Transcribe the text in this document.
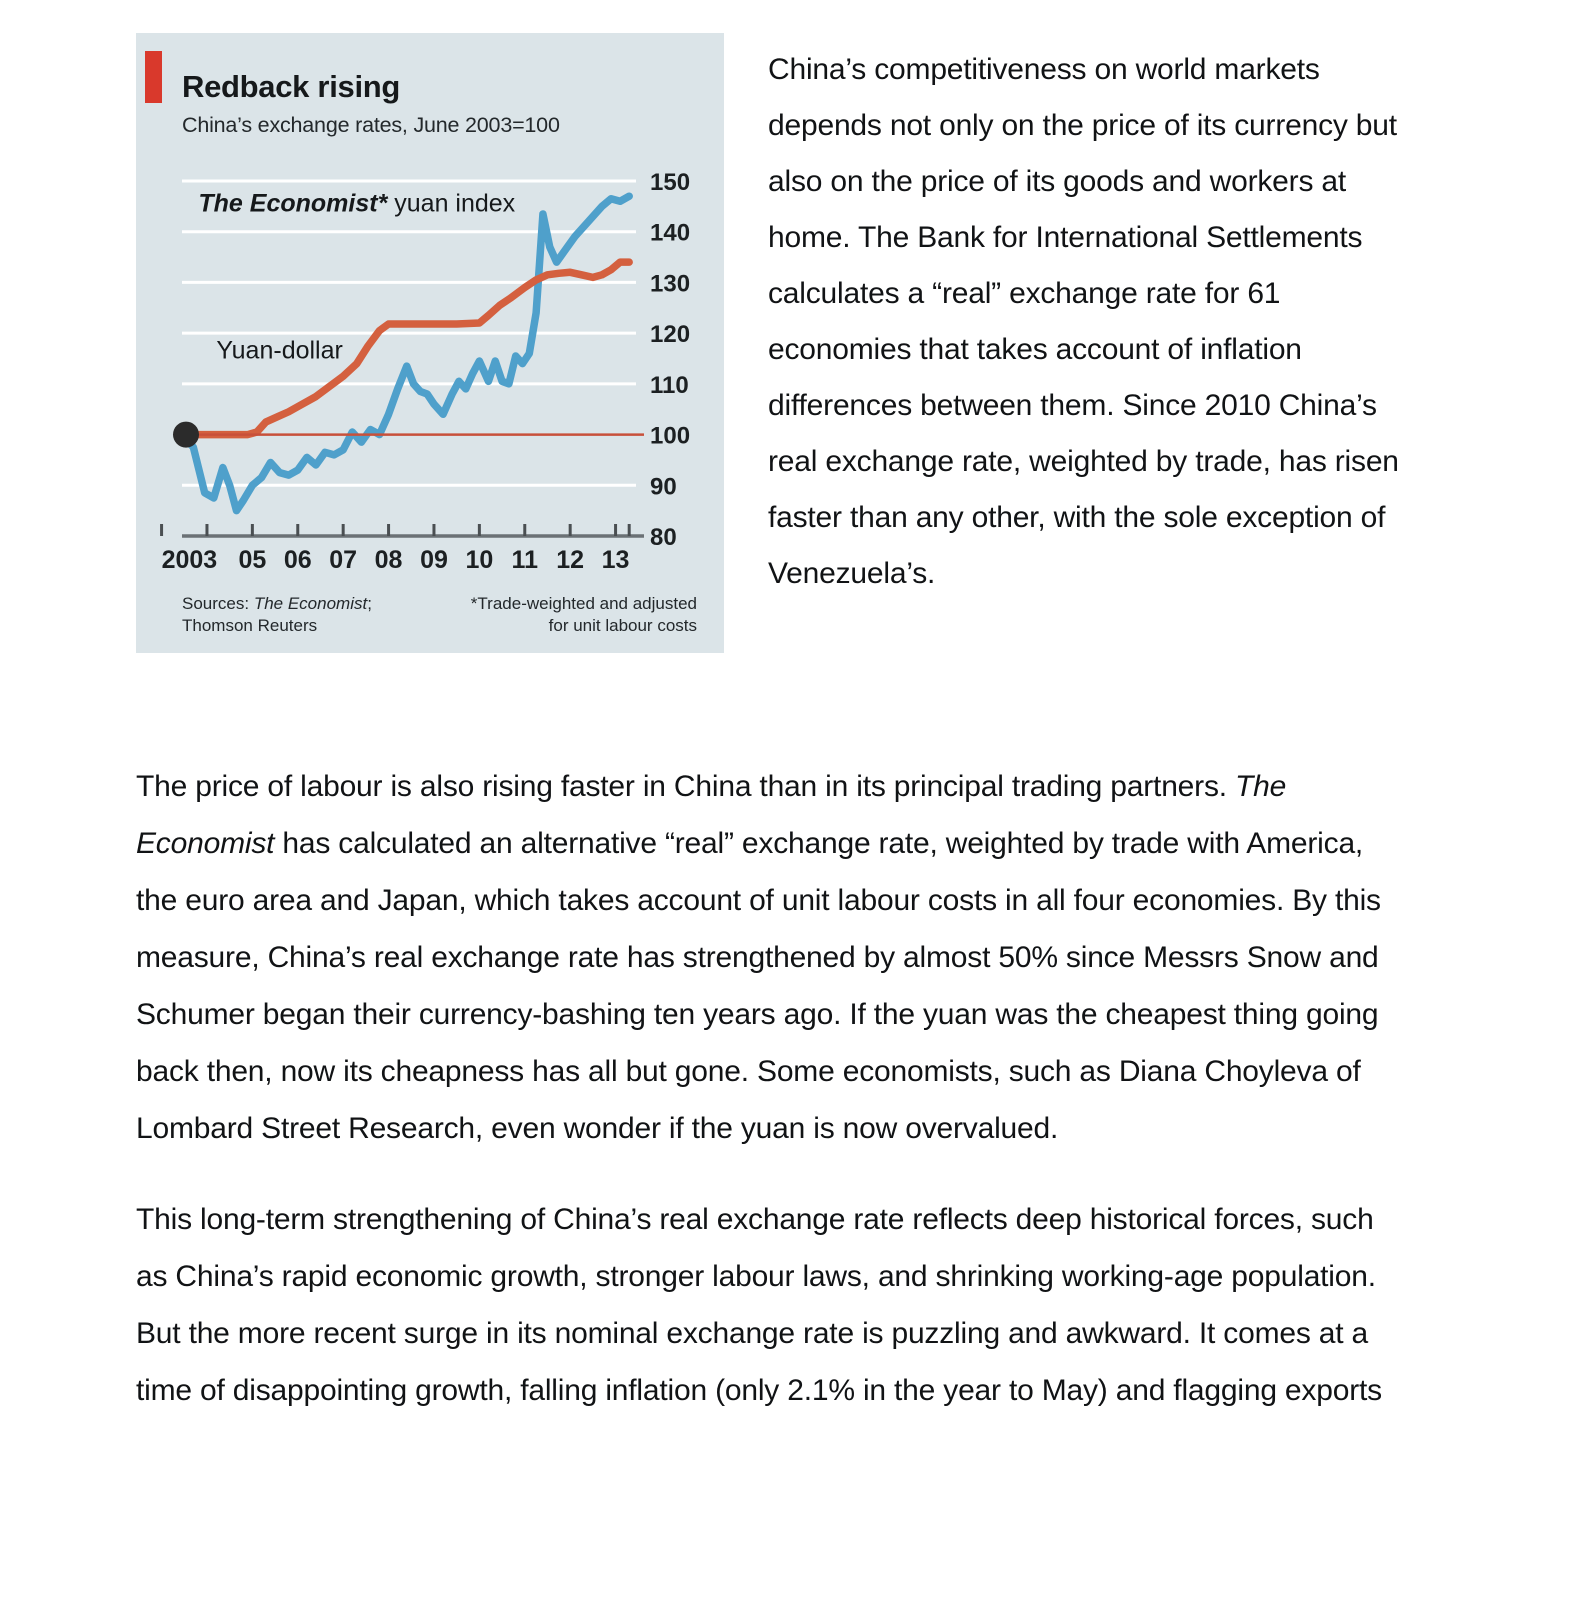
Redback rising
China’s exchange rates, June 2003=100
80
90
100
110
120
130
140
150
2003 05 06 07 08 09 10 11 12 13
The Economist* yuan index
Yuan-dollar
Sources: The Economist;
Thomson Reuters
*Trade-weighted and adjusted
for unit labour costs
China’s competitiveness on world markets depends not only on the price of its currency but also on the price of its goods and workers at home. The Bank for International Settlements calculates a “real” exchange rate for 61 economies that takes account of inflation differences between them. Since 2010 China’s real exchange rate, weighted by trade, has risen faster than any other, with the sole exception of Venezuela’s.

The price of labour is also rising faster in China than in its principal trading partners. The Economist has calculated an alternative “real” exchange rate, weighted by trade with America, the euro area and Japan, which takes account of unit labour costs in all four economies. By this measure, China’s real exchange rate has strengthened by almost 50% since Messrs Snow and Schumer began their currency-bashing ten years ago. If the yuan was the cheapest thing going back then, now its cheapness has all but gone. Some economists, such as Diana Choyleva of Lombard Street Research, even wonder if the yuan is now overvalued.

This long-term strengthening of China’s real exchange rate reflects deep historical forces, such as China’s rapid economic growth, stronger labour laws, and shrinking working-age population. But the more recent surge in its nominal exchange rate is puzzling and awkward. It comes at a time of disappointing growth, falling inflation (only 2.1% in the year to May) and flagging exports
